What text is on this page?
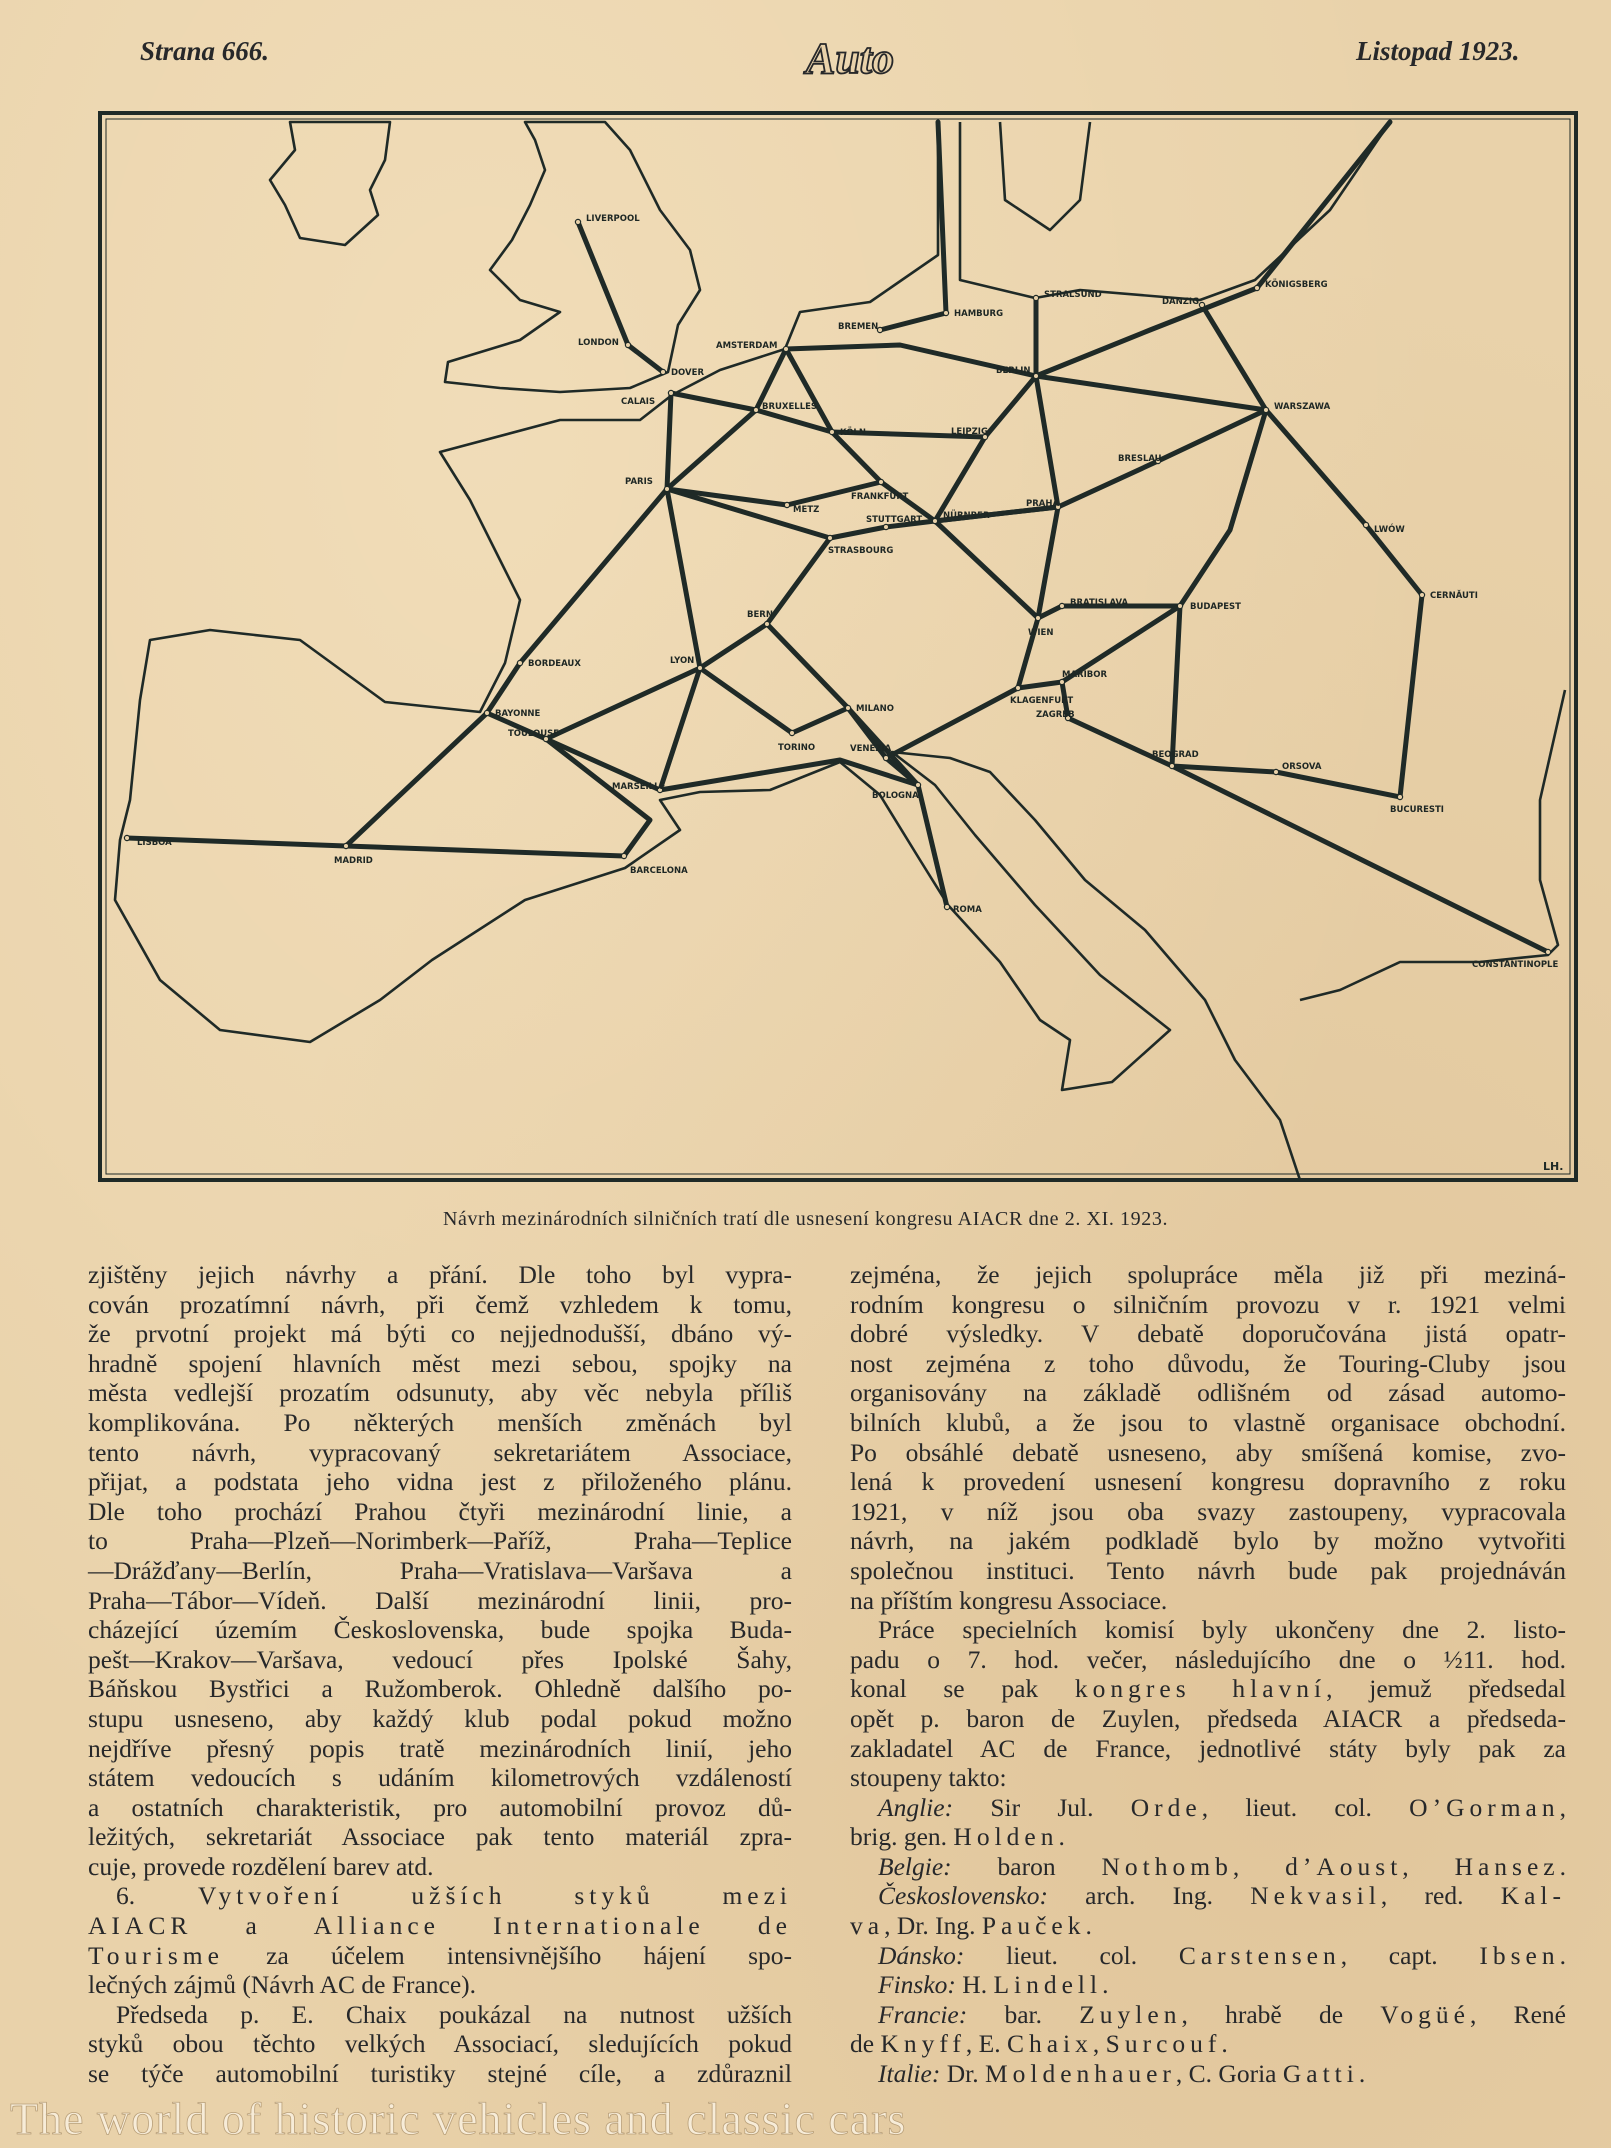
Strana 666.	Auto	Listopad 1923.
LIVERPOOL
LONDON
DOVER
CALAIS
AMSTERDAM
BREMEN
HAMBURG
STRALSUND
DANZIG
KÖNIGSBERG
BERLIN
WARSZAWA
BRUXELLES
KÖLN	LEIPZIG
BRESLAU
PARIS
FRANKFURT
PRAHA
LWÓW
METZ
STUTTGART NÜRNBER
STRASBOURG
CERNĂUTI
WIEN
BRATISLAVA
BERN
BUDAPEST
BORDEAUX	LYON
KLAGENFURT
MARIBOR
BAYONNE	MILANO
ZAGREB
TOULOUSE
TORINO	VENEZIA
BEOGRAD
ORSOVA
BUCURESTI
MARSEILLE
BOLOGNA
LISBOA
MADRID
BARCELONA
ROMA
CONSTANTINOPLE
LH.
Návrh mezinárodních silničních tratí dle usnesení kongresu AIACR dne 2. XI. 1923.
zjištěny jejich návrhy a přání. Dle toho byl vypra-
cován prozatímní návrh, při čemž vzhledem k tomu,
že prvotní projekt má býti co nejjednodušší, dbáno vý-
hradně spojení hlavních měst mezi sebou, spojky na
města vedlejší prozatím odsunuty, aby věc nebyla příliš
komplikována. Po některých menších změnách byl
tento návrh, vypracovaný sekretariátem Associace,
přijat, a podstata jeho vidna jest z přiloženého plánu.
Dle toho prochází Prahou čtyři mezinárodní linie, a
to Praha—Plzeň—Norimberk—Paříž, Praha—Teplice
—Drážďany—Berlín, Praha—Vratislava—Varšava a
Praha—Tábor—Vídeň. Další mezinárodní linii, pro-
cházející územím Československa, bude spojka Buda-
pešt—Krakov—Varšava, vedoucí přes Ipolské Šahy,
Báňskou Bystřici a Ružomberok. Ohledně dalšího po-
stupu usneseno, aby každý klub podal pokud možno
nejdříve přesný popis tratě mezinárodních linií, jeho
státem vedoucích s udáním kilometrových vzdáleností
a ostatních charakteristik, pro automobilní provoz dů-
ležitých, sekretariát Associace pak tento materiál zpra-
cuje, provede rozdělení barev atd.
6. Vytvoření užších styků mezi
AIACR a Alliance Internationale de
Tourisme za účelem intensivnějšího hájení spo-
lečných zájmů (Návrh AC de France).
Předseda p. E. Chaix poukázal na nutnost užších
styků obou těchto velkých Associací, sledujících pokud
se týče automobilní turistiky stejné cíle, a zdůraznil
zejména, že jejich spolupráce měla již při meziná-
rodním kongresu o silničním provozu v r. 1921 velmi
dobré výsledky. V debatě doporučována jistá opatr-
nost zejména z toho důvodu, že Touring-Cluby jsou
organisovány na základě odlišném od zásad automo-
bilních klubů, a že jsou to vlastně organisace obchodní.
Po obsáhlé debatě usneseno, aby smíšená komise, zvo-
lená k provedení usnesení kongresu dopravního z roku
1921, v níž jsou oba svazy zastoupeny, vypracovala
návrh, na jakém podkladě bylo by možno vytvořiti
společnou instituci. Tento návrh bude pak projednáván
na příštím kongresu Associace.
Práce specielních komisí byly ukončeny dne 2. listo-
padu o 7. hod. večer, následujícího dne o ½11. hod.
konal se pak kongres hlavní, jemuž předsedal
opět p. baron de Zuylen, předseda AIACR a předseda-
zakladatel AC de France, jednotlivé státy byly pak za
stoupeny takto:
Anglie: Sir Jul. Orde, lieut. col. O’Gorman,
brig. gen. Holden.
Belgie: baron Nothomb, d’Aoust, Hansez.
Československo: arch. Ing. Nekvasil, red. Kal-
va, Dr. Ing. Pauček.
Dánsko: lieut. col. Carstensen, capt. Ibsen.
Finsko: H. Lindell.
Francie: bar. Zuylen, hrabě de Vogüé, René
de Knyff, E. Chaix, Surcouf.
Italie: Dr. Moldenhauer, C. Goria Gatti.
The world of historic vehicles and classic cars
